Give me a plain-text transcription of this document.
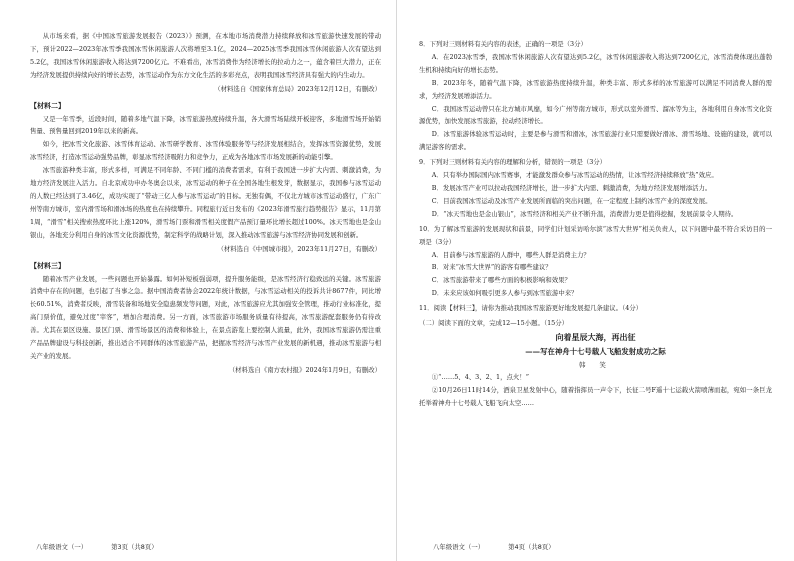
从市场来看，据《中国冰雪旅游发展报告（2023）》预测，在本地市场消费潜力持续释放和冰雪旅游快速发展的带动下，预计2022—2023年冰雪季我国冰雪休闲旅游人次将增至3.1亿，2024—2025冰雪季我国冰雪休闲旅游人次有望达到5.2亿，我国冰雪休闲旅游收入将达到7200亿元。不难看出，冰雪消费作为经济增长的拉动力之一，蕴含着巨大潜力，正在为经济发展提供持续向好的增长态势，冰雪运动作为东方文化生活的多彩亮点，表明我国冰雪经济具有强大的内生动力。

（材料选自《国家体育总局》2023年12月12日，有删改）

【材料二】

又是一年雪季，近段时间，随着多地气温下降，冰雪旅游热度持续升温，各大滑雪场陆续开板迎客，多地滑雪场开始销售量、预售量回到2019年以来的新高。

如今，把冰雪文化旅游、冰雪体育运动、冰雪研学教育、冰雪体验服务等与经济发展相结合，发挥冰雪资源优势，发展冰雪经济，打造冰雪运动强势品牌，彰显冰雪经济吸附力和竞争力，正成为各地冰雪市场发展新的动能引擎。

冰雪旅游种类丰富，形式多样，可满足不同年龄、不同门槛的消费者需求，有利于我国进一步扩大内需、刺激消费，为地方经济发展注入活力。自北京成功申办冬奥会以来，冰雪运动的种子在全国各地生根发芽，数据显示，我国参与冰雪运动的人数已经达到了3.46亿，成功实现了“带动三亿人参与冰雪运动”的目标。无独有偶，不仅北方城市冰雪运动盛行，广东广州等南方城市，室内滑雪场和滑冰场的热度也在持续攀升。同程旅行近日发布的《2023年滑雪旅行趋势报告》显示，11月第1周，“滑雪”相关搜索热度环比上涨120%，滑雪场门票和滑雪相关度假产品预订量环比增长超过100%。冰天雪地也是金山银山，各地充分利用自身的冰雪文化资源优势，制定科学的战略计划，深入推动冰雪旅游与冰雪经济协同发展和创新。

（材料选自《中国城市报》，2023年11月27日，有删改）

【材料三】

随着冰雪产业发展，一些问题也开始暴露。如何补短板强弱项，提升服务能级，是冰雪经济行稳致远的关键。冰雪旅游消费中存在的问题，也引起了当事之急。据中国消费者协会2022年统计数据，与冰雪运动相关的投诉共计8677件，同比增长60.51%，消费者反映，滑雪装备和场地安全隐患频发等问题，对此，冰雪旅游应尤其加强安全管理，推动行业标准化，提高门票价值，避免过度“宰客”，增加合理消费。另一方面，冰雪旅游市场服务质量有待提高，冰雪旅游配套服务仍有待改善。尤其在景区设施、景区门票、滑雪场景区的消费和体验上，在景点游览上要控制人流量，此外，我国冰雪旅游仍需注重产品品牌建设与科技创新，推出适合不同群体的冰雪旅游产品，把握冰雪经济与冰雪产业发展的新机遇，推动冰雪旅游与相关产业的发展。

（材料选自《南方农村报》2024年1月9日，有删改）

八年级语文（一）	第3页（共8页）

8．下列对三则材料有关内容的表述，正确的一项是（3分）

A．在2023冰雪季，我国冰雪休闲旅游人次有望达到5.2亿，冰雪休闲旅游收入将达到7200亿元，冰雪消费体现出蓬勃生机和持续向好的增长态势。

B．2023年冬，随着气温下降，冰雪旅游热度持续升温，种类丰富、形式多样的冰雪旅游可以满足不同消费人群的需求，为经济发展增添活力。

C．我国冰雪运动曾只在北方城市风靡，如今广州等南方城市，形式以室外滑雪、溜冰等为主，各地利用自身冰雪文化资源优势，加快发展冰雪旅游，拉动经济增长。

D．冰雪旅游体验冰雪运动时，主要是参与滑雪和滑冰，冰雪旅游行业只需要做好滑冰、滑雪场地、设施的建设，就可以满足游客的需求。

9．下列对三则材料有关内容的理解和分析，错误的一项是（3分）

A．只有举办国际国内冰雪赛事，才能激发群众参与冰雪运动的热情，让冰雪经济持续释放“热”效应。

B．发展冰雪产业可以拉动我国经济增长，进一步扩大内需、刺激消费，为地方经济发展增添活力。

C．目前我国冰雪运动及冰雪产业发展所面临的突出问题，在一定程度上制约冰雪产业的深度发展。

D．“冰天雪地也是金山银山”，冰雪经济和相关产业不断升温，消费潜力更是值得挖掘，发展前景令人期待。

10．为了解冰雪旅游的发展现状和前景，同学们计划采访哈尔滨“冰雪大世界”相关负责人，以下问题中最不符合采访目的一项是（3分）

A．目前参与冰雪旅游的人群中，哪些人群是消费主力？

B．对来“冰雪大世界”的游客有哪些建议？

C．冰雪旅游带来了哪些方面的积极影响和效果？

D．未来应该如何吸引更多人参与到冰雪旅游中来？

11．阅读【材料三】，请你为推动我国冰雪旅游更好地发展提几条建议。（4分）

（二）阅读下面的文章，完成12—15小题。（15分）

向着星辰大海，再出征

——写在神舟十七号载人飞船发射成功之际

韩 笑

①“……5、4、3、2、1，点火！”

②10月26日11时14分，酒泉卫星发射中心，随着指挥员一声令下，长征二号F遥十七运载火箭喷薄而起，宛如一条巨龙托举着神舟十七号载人飞船飞向太空……

八年级语文（一）	第4页（共8页）
